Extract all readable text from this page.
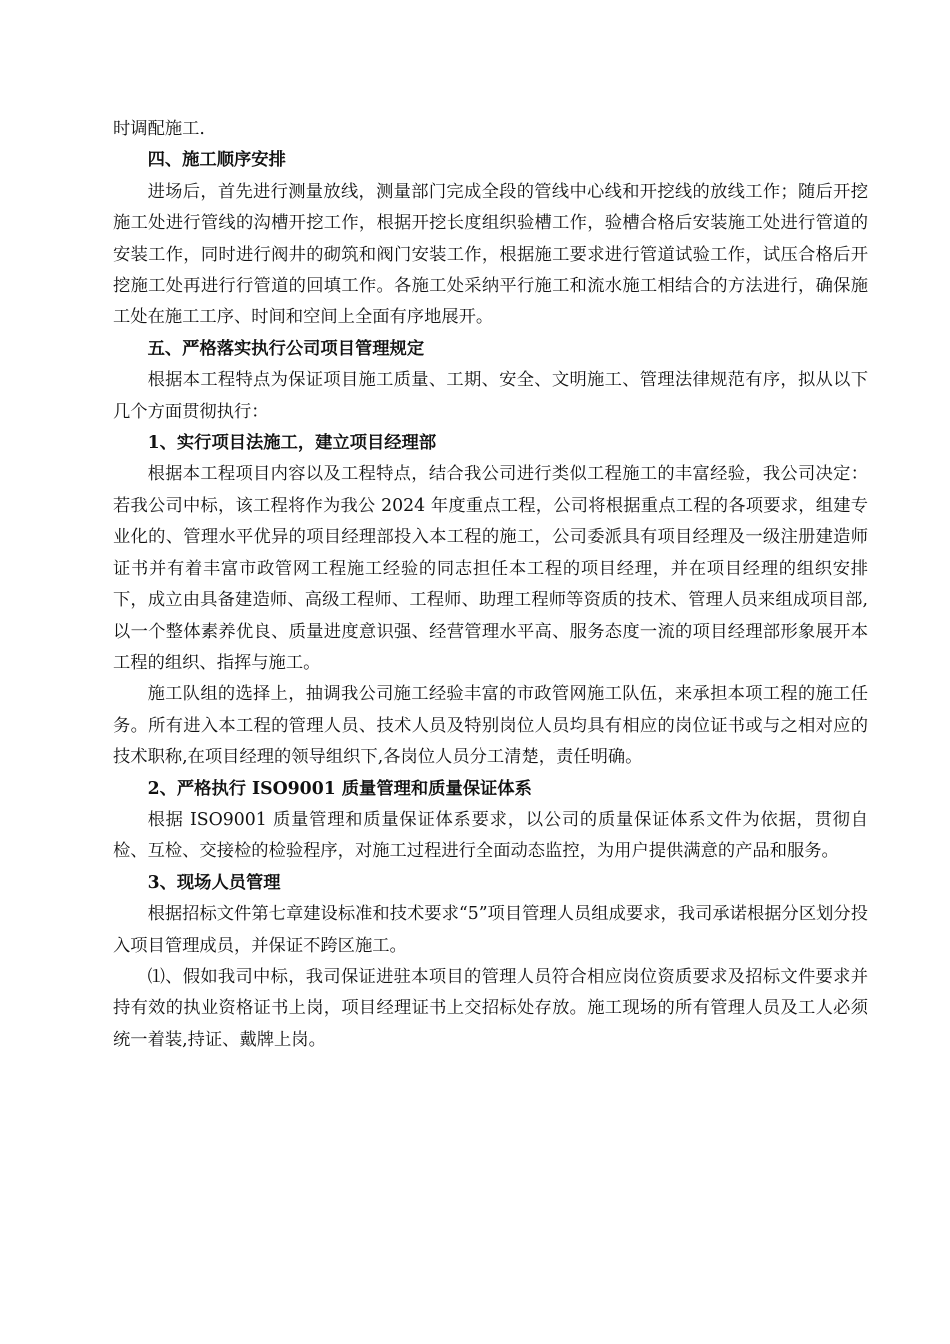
时调配施工.

四、施工顺序安排

进场后，首先进行测量放线，测量部门完成全段的管线中心线和开挖线的放线工作；随后开挖施工处进行管线的沟槽开挖工作，根据开挖长度组织验槽工作，验槽合格后安装施工处进行管道的安装工作，同时进行阀井的砌筑和阀门安装工作，根据施工要求进行管道试验工作，试压合格后开挖施工处再进行行管道的回填工作。各施工处采纳平行施工和流水施工相结合的方法进行，确保施工处在施工工序、时间和空间上全面有序地展开。

五、严格落实执行公司项目管理规定

根据本工程特点为保证项目施工质量、工期、安全、文明施工、管理法律规范有序，拟从以下几个方面贯彻执行：

1、实行项目法施工，建立项目经理部

根据本工程项目内容以及工程特点，结合我公司进行类似工程施工的丰富经验，我公司决定：若我公司中标，该工程将作为我公 2024 年度重点工程，公司将根据重点工程的各项要求，组建专业化的、管理水平优异的项目经理部投入本工程的施工，公司委派具有项目经理及一级注册建造师证书并有着丰富市政管网工程施工经验的同志担任本工程的项目经理，并在项目经理的组织安排下，成立由具备建造师、高级工程师、工程师、助理工程师等资质的技术、管理人员来组成项目部,以一个整体素养优良、质量进度意识强、经营管理水平高、服务态度一流的项目经理部形象展开本工程的组织、指挥与施工。

施工队组的选择上，抽调我公司施工经验丰富的市政管网施工队伍，来承担本项工程的施工任务。所有进入本工程的管理人员、技术人员及特别岗位人员均具有相应的岗位证书或与之相对应的技术职称,在项目经理的领导组织下,各岗位人员分工清楚，责任明确。

2、严格执行 ISO9001 质量管理和质量保证体系

根据 ISO9001 质量管理和质量保证体系要求，以公司的质量保证体系文件为依据，贯彻自检、互检、交接检的检验程序，对施工过程进行全面动态监控，为用户提供满意的产品和服务。

3、现场人员管理

根据招标文件第七章建设标准和技术要求“5”项目管理人员组成要求，我司承诺根据分区划分投入项目管理成员，并保证不跨区施工。

⑴、假如我司中标，我司保证进驻本项目的管理人员符合相应岗位资质要求及招标文件要求并持有效的执业资格证书上岗，项目经理证书上交招标处存放。施工现场的所有管理人员及工人必须统一着装,持证、戴牌上岗。
